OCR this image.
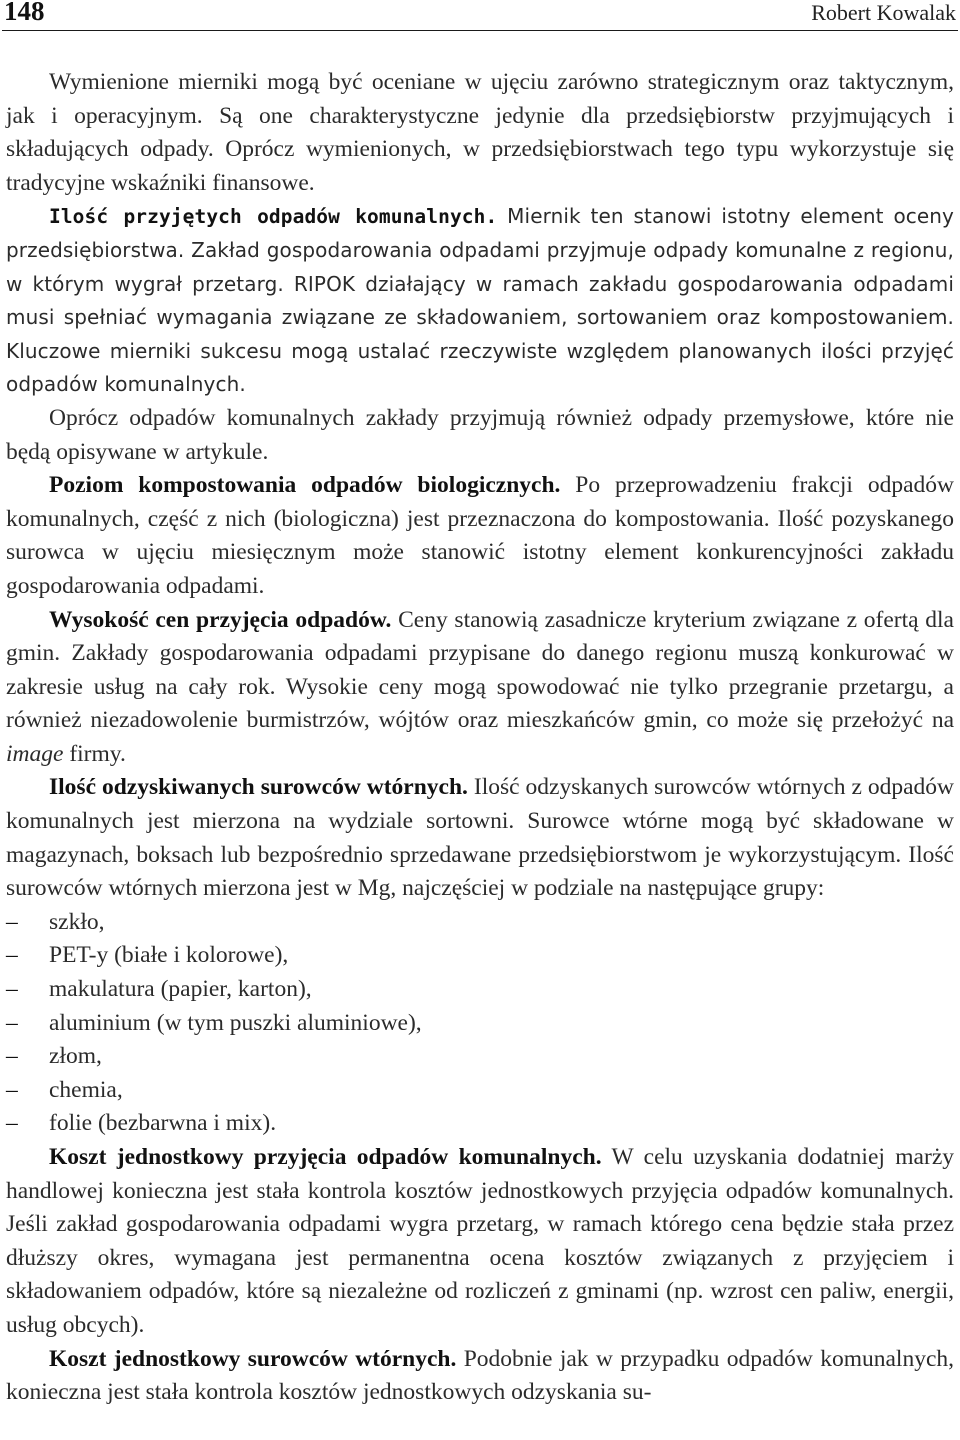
148	Robert Kowalak

Wymienione mierniki mogą być oceniane w ujęciu zarówno strategicznym oraz taktycznym, jak i operacyjnym. Są one charakterystyczne jedynie dla przedsiębiorstw przyjmujących i składujących odpady. Oprócz wymienionych, w przedsiębiorstwach tego typu wykorzystuje się tradycyjne wskaźniki finansowe.

Ilość przyjętych odpadów komunalnych. Miernik ten stanowi istotny element oceny przedsiębiorstwa. Zakład gospodarowania odpadami przyjmuje odpady komunalne z regionu, w którym wygrał przetarg. RIPOK działający w ramach zakładu gospodarowania odpadami musi spełniać wymagania związane ze składowaniem, sortowaniem oraz kompostowaniem. Kluczowe mierniki sukcesu mogą ustalać rzeczywiste względem planowanych ilości przyjęć odpadów komunalnych.

Oprócz odpadów komunalnych zakłady przyjmują również odpady przemysłowe, które nie będą opisywane w artykule.

Poziom kompostowania odpadów biologicznych. Po przeprowadzeniu frakcji odpadów komunalnych, część z nich (biologiczna) jest przeznaczona do kompostowania. Ilość pozyskanego surowca w ujęciu miesięcznym może stanowić istotny element konkurencyjności zakładu gospodarowania odpadami.

Wysokość cen przyjęcia odpadów. Ceny stanowią zasadnicze kryterium związane z ofertą dla gmin. Zakłady gospodarowania odpadami przypisane do danego regionu muszą konkurować w zakresie usług na cały rok. Wysokie ceny mogą spowodować nie tylko przegranie przetargu, a również niezadowolenie burmistrzów, wójtów oraz mieszkańców gmin, co może się przełożyć na image firmy.

Ilość odzyskiwanych surowców wtórnych. Ilość odzyskanych surowców wtórnych z odpadów komunalnych jest mierzona na wydziale sortowni. Surowce wtórne mogą być składowane w magazynach, boksach lub bezpośrednio sprzedawane przedsiębiorstwom je wykorzystującym. Ilość surowców wtórnych mierzona jest w Mg, najczęściej w podziale na następujące grupy:

–	szkło,
–	PET-y (białe i kolorowe),
–	makulatura (papier, karton),
–	aluminium (w tym puszki aluminiowe),
–	złom,
–	chemia,
–	folie (bezbarwna i mix).

Koszt jednostkowy przyjęcia odpadów komunalnych. W celu uzyskania dodatniej marży handlowej konieczna jest stała kontrola kosztów jednostkowych przyjęcia odpadów komunalnych. Jeśli zakład gospodarowania odpadami wygra przetarg, w ramach którego cena będzie stała przez dłuższy okres, wymagana jest permanentna ocena kosztów związanych z przyjęciem i składowaniem odpadów, które są niezależne od rozliczeń z gminami (np. wzrost cen paliw, energii, usług obcych).

Koszt jednostkowy surowców wtórnych. Podobnie jak w przypadku odpadów komunalnych, konieczna jest stała kontrola kosztów jednostkowych odzyskania su-
